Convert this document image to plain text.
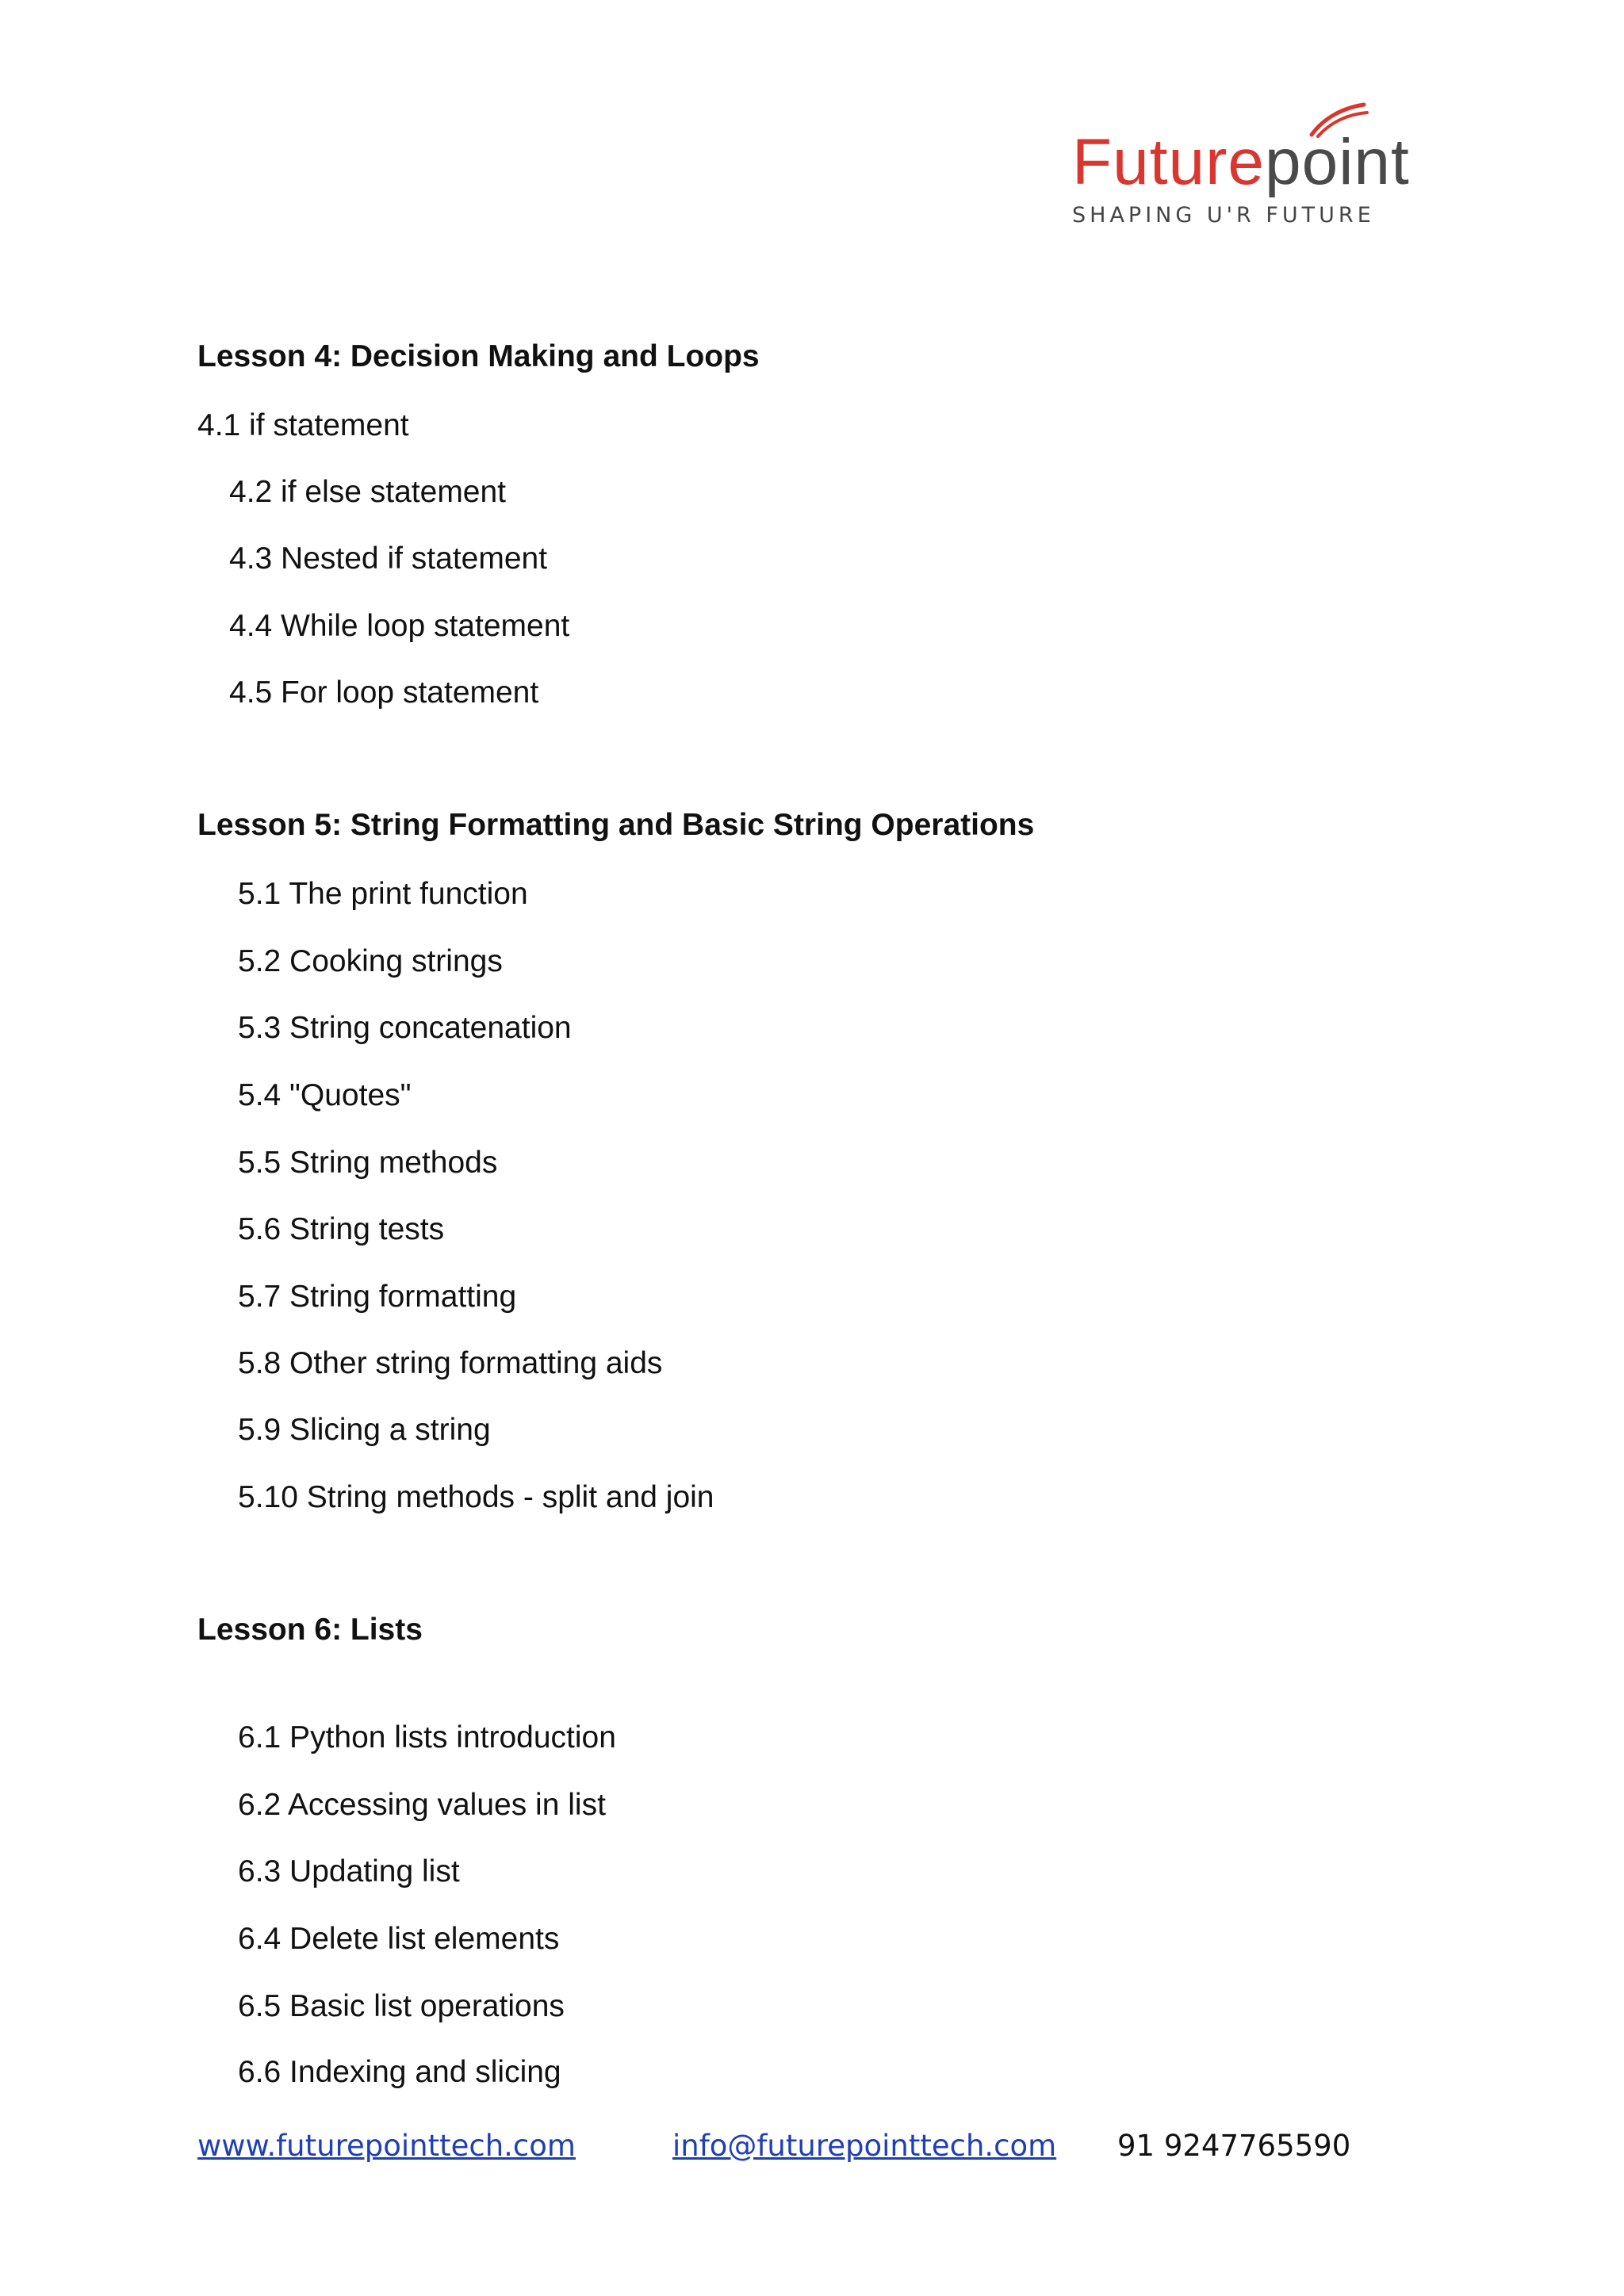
Futurepoint
SHAPING U'R FUTURE
Lesson 4: Decision Making and Loops
4.1 if statement
4.2 if else statement
4.3 Nested if statement
4.4 While loop statement
4.5 For loop statement
Lesson 5: String Formatting and Basic String Operations
5.1 The print function
5.2 Cooking strings
5.3 String concatenation
5.4 "Quotes"
5.5 String methods
5.6 String tests
5.7 String formatting
5.8 Other string formatting aids
5.9 Slicing a string
5.10 String methods - split and join
Lesson 6: Lists
6.1 Python lists introduction
6.2 Accessing values in list
6.3 Updating list
6.4 Delete list elements
6.5 Basic list operations
6.6 Indexing and slicing
www.futurepointtech.com	info@futurepointtech.com 91 9247765590
